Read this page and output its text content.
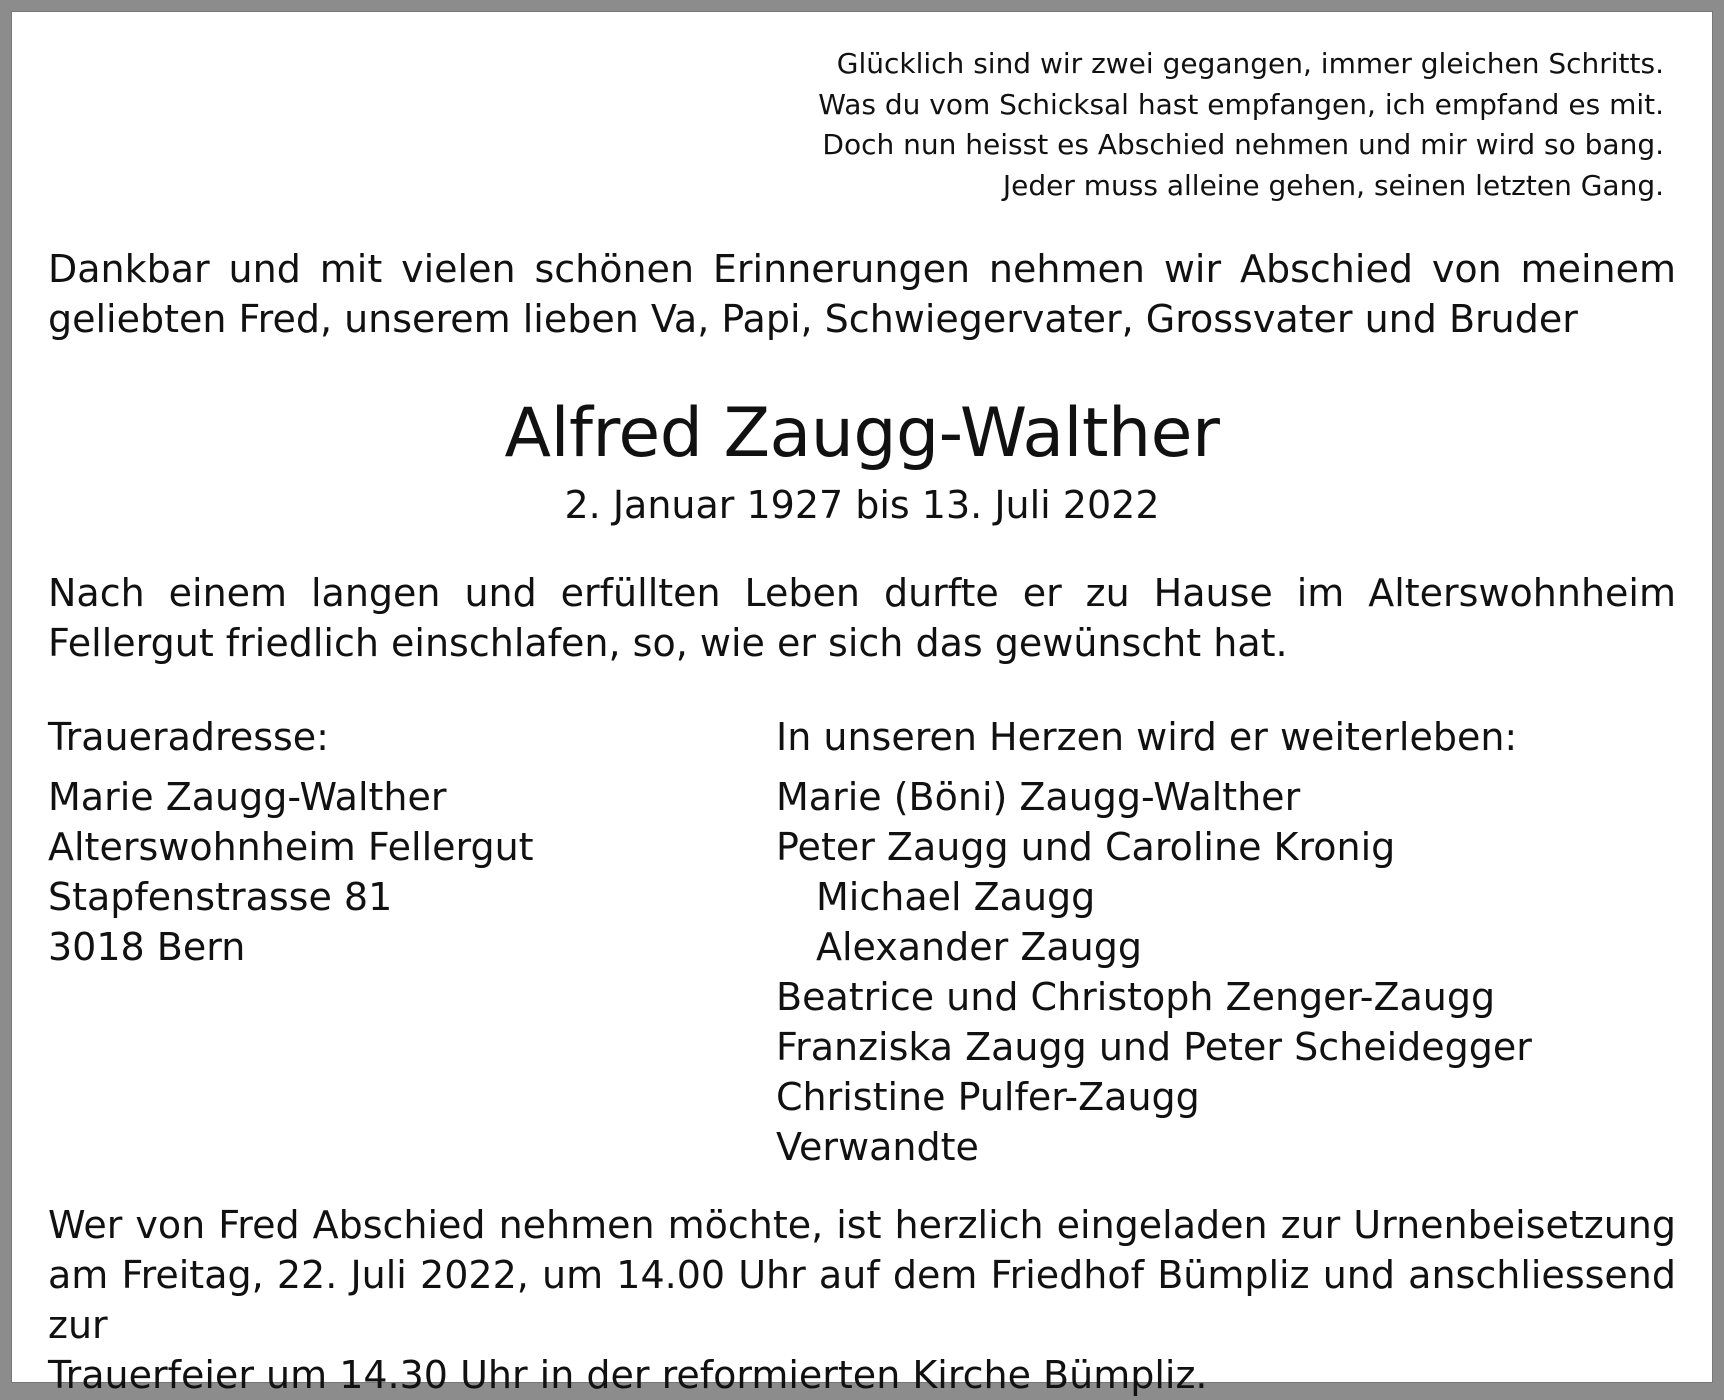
Glücklich sind wir zwei gegangen, immer gleichen Schritts.
Was du vom Schicksal hast empfangen, ich empfand es mit.
Doch nun heisst es Abschied nehmen und mir wird so bang.
Jeder muss alleine gehen, seinen letzten Gang.

Dankbar und mit vielen schönen Erinnerungen nehmen wir Abschied von meinem
geliebten Fred, unserem lieben Va, Papi, Schwiegervater, Grossvater und Bruder

Alfred Zaugg-Walther
2. Januar 1927 bis 13. Juli 2022

Nach einem langen und erfüllten Leben durfte er zu Hause im Alterswohnheim
Fellergut friedlich einschlafen, so, wie er sich das gewünscht hat.

Traueradresse:
Marie Zaugg-Walther
Alterswohnheim Fellergut
Stapfenstrasse 81
3018 Bern
In unseren Herzen wird er weiterleben:
Marie (Böni) Zaugg-Walther
Peter Zaugg und Caroline Kronig
Michael Zaugg
Alexander Zaugg
Beatrice und Christoph Zenger-Zaugg
Franziska Zaugg und Peter Scheidegger
Christine Pulfer-Zaugg
Verwandte

Wer von Fred Abschied nehmen möchte, ist herzlich eingeladen zur Urnenbeisetzung
am Freitag, 22. Juli 2022, um 14.00 Uhr auf dem Friedhof Bümpliz und anschliessend zur
Trauerfeier um 14.30 Uhr in der reformierten Kirche Bümpliz.
